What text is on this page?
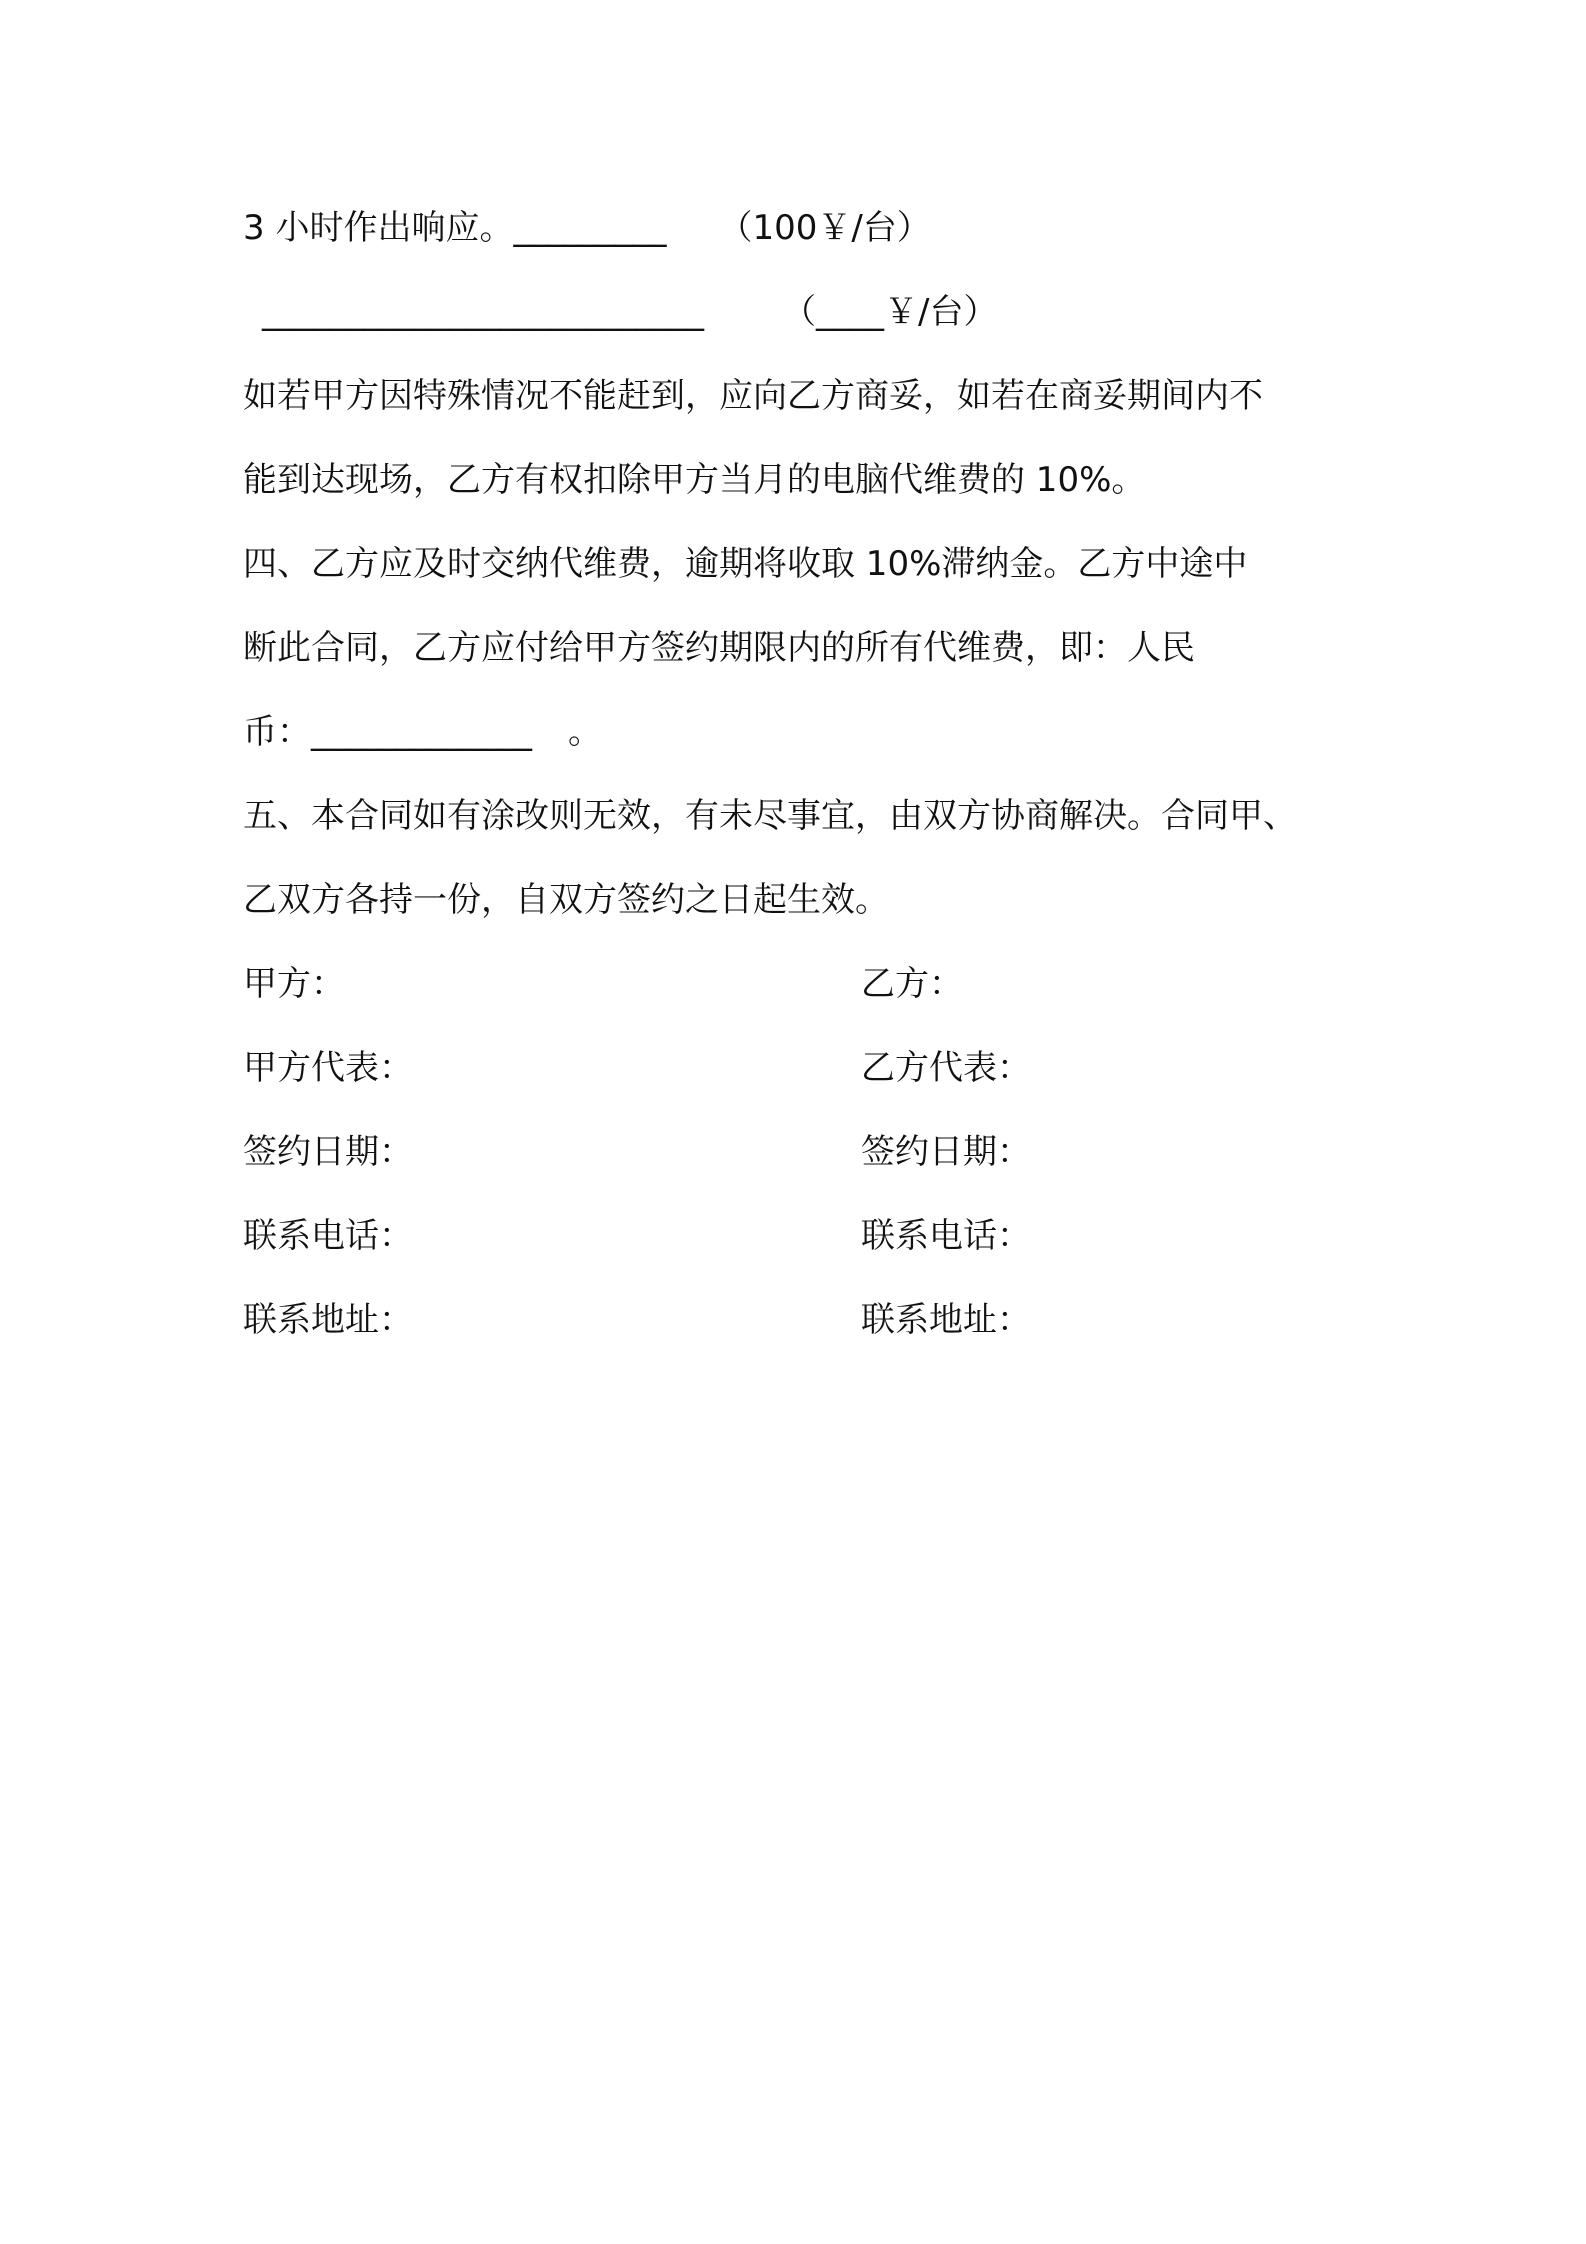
3 小时作出响应。_________ （100￥/台）
__________________________ （____￥/台）
如若甲方因特殊情况不能赶到，应向乙方商妥，如若在商妥期间内不
能到达现场，乙方有权扣除甲方当月的电脑代维费的 10%。
四、乙方应及时交纳代维费，逾期将收取 10%滞纳金。乙方中途中
断此合同，乙方应付给甲方签约期限内的所有代维费，即：人民
币：_____________ 。
五、本合同如有涂改则无效，有未尽事宜，由双方协商解决。合同甲、
乙双方各持一份，自双方签约之日起生效。
甲方：	乙方：
甲方代表：	乙方代表：
签约日期：	签约日期：
联系电话：	联系电话：
联系地址：	联系地址：
